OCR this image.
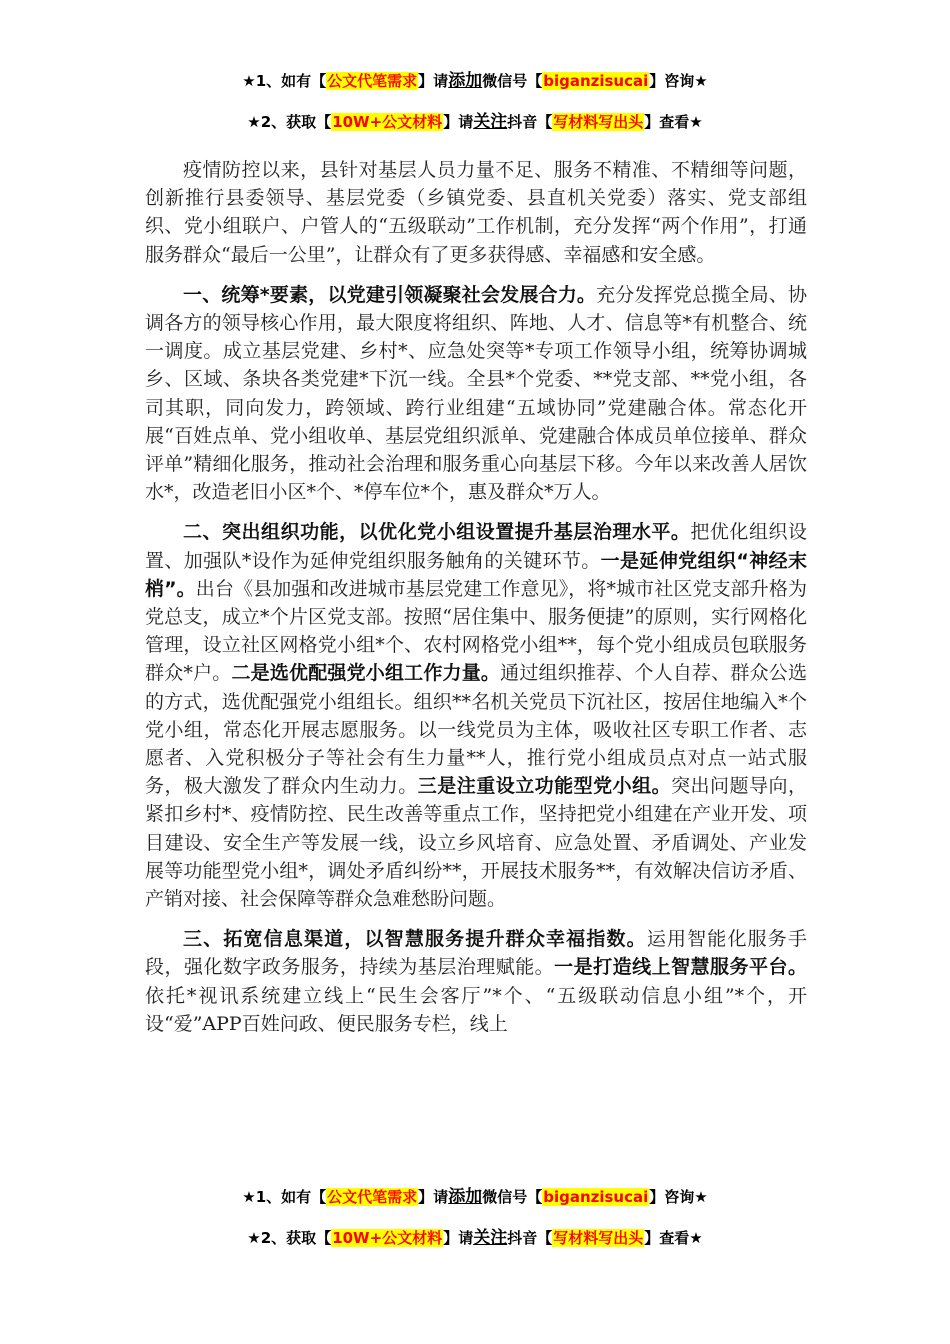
★1、如有【公文代笔需求】请添加微信号【biganzisucai】咨询★
★2、获取【10W+公文材料】请关注抖音【写材料写出头】查看★

疫情防控以来，县针对基层人员力量不足、服务不精准、不精细等问题，创新推行县委领导、基层党委（乡镇党委、县直机关党委）落实、党支部组织、党小组联户、户管人的“五级联动”工作机制，充分发挥“两个作用”，打通服务群众“最后一公里”，让群众有了更多获得感、幸福感和安全感。

一、统筹*要素，以党建引领凝聚社会发展合力。充分发挥党总揽全局、协调各方的领导核心作用，最大限度将组织、阵地、人才、信息等*有机整合、统一调度。成立基层党建、乡村*、应急处突等*专项工作领导小组，统筹协调城乡、区域、条块各类党建*下沉一线。全县*个党委、**党支部、**党小组，各司其职，同向发力，跨领域、跨行业组建“五域协同”党建融合体。常态化开展“百姓点单、党小组收单、基层党组织派单、党建融合体成员单位接单、群众评单”精细化服务，推动社会治理和服务重心向基层下移。今年以来改善人居饮水*，改造老旧小区*个、*停车位*个，惠及群众*万人。

二、突出组织功能，以优化党小组设置提升基层治理水平。把优化组织设置、加强队*设作为延伸党组织服务触角的关键环节。一是延伸党组织“神经末梢”。出台《县加强和改进城市基层党建工作意见》，将*城市社区党支部升格为党总支，成立*个片区党支部。按照“居住集中、服务便捷”的原则，实行网格化管理，设立社区网格党小组*个、农村网格党小组**，每个党小组成员包联服务群众*户。二是选优配强党小组工作力量。通过组织推荐、个人自荐、群众公选的方式，选优配强党小组组长。组织**名机关党员下沉社区，按居住地编入*个党小组，常态化开展志愿服务。以一线党员为主体，吸收社区专职工作者、志愿者、入党积极分子等社会有生力量**人，推行党小组成员点对点一站式服务，极大激发了群众内生动力。三是注重设立功能型党小组。突出问题导向，紧扣乡村*、疫情防控、民生改善等重点工作，坚持把党小组建在产业开发、项目建设、安全生产等发展一线，设立乡风培育、应急处置、矛盾调处、产业发展等功能型党小组*，调处矛盾纠纷**，开展技术服务**，有效解决信访矛盾、产销对接、社会保障等群众急难愁盼问题。

三、拓宽信息渠道，以智慧服务提升群众幸福指数。运用智能化服务手段，强化数字政务服务，持续为基层治理赋能。一是打造线上智慧服务平台。依托*视讯系统建立线上“民生会客厅”*个、“五级联动信息小组”*个，开设“爱”APP百姓问政、便民服务专栏，线上

★1、如有【公文代笔需求】请添加微信号【biganzisucai】咨询★
★2、获取【10W+公文材料】请关注抖音【写材料写出头】查看★
